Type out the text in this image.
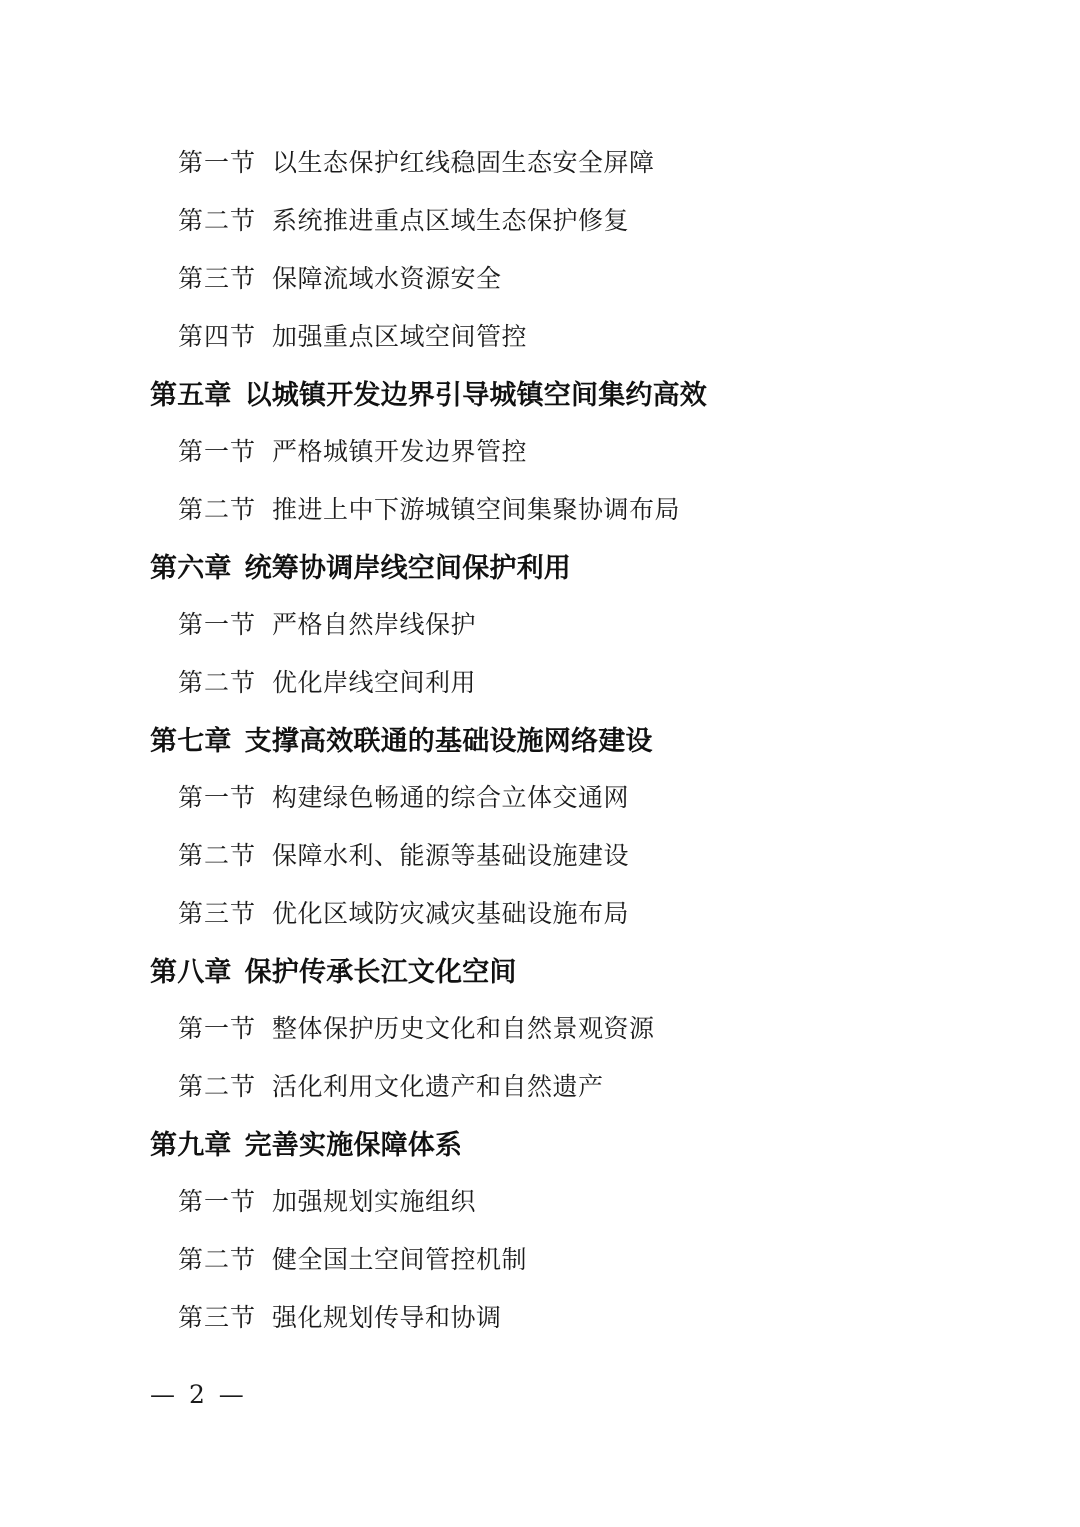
第一节 以生态保护红线稳固生态安全屏障
第二节 系统推进重点区域生态保护修复
第三节 保障流域水资源安全
第四节 加强重点区域空间管控
第五章 以城镇开发边界引导城镇空间集约高效
第一节 严格城镇开发边界管控
第二节 推进上中下游城镇空间集聚协调布局
第六章 统筹协调岸线空间保护利用
第一节 严格自然岸线保护
第二节 优化岸线空间利用
第七章 支撑高效联通的基础设施网络建设
第一节 构建绿色畅通的综合立体交通网
第二节 保障水利、能源等基础设施建设
第三节 优化区域防灾减灾基础设施布局
第八章 保护传承长江文化空间
第一节 整体保护历史文化和自然景观资源
第二节 活化利用文化遗产和自然遗产
第九章 完善实施保障体系
第一节 加强规划实施组织
第二节 健全国土空间管控机制
第三节 强化规划传导和协调
— 2 —
